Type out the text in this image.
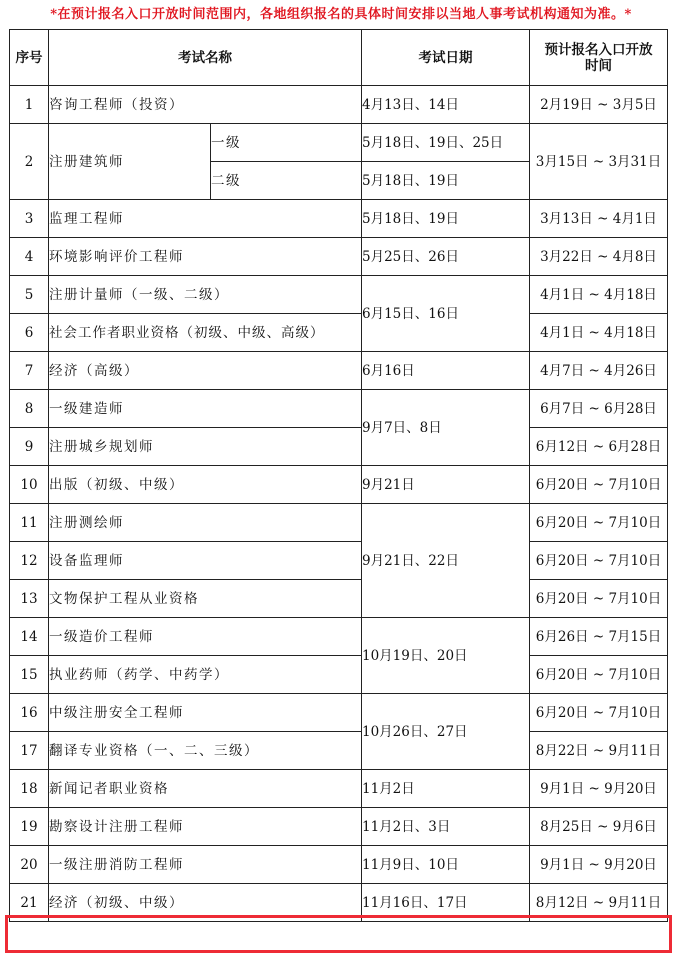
*在预计报名入口开放时间范围内，各地组织报名的具体时间安排以当地人事考试机构通知为准。*
序号	考试名称		考试日期	预计报名入口开放时间
1	咨询工程师（投资）		4月13日、14日	2月19日 ~ 3月5日
2	注册建筑师	一级	5月18日、19日、25日	3月15日 ~ 3月31日
		二级	5月18日、19日	
3	监理工程师		5月18日、19日	3月13日 ~ 4月1日
4	环境影响评价工程师		5月25日、26日	3月22日 ~ 4月8日
5	注册计量师（一级、二级）		6月15日、16日	4月1日 ~ 4月18日
6	社会工作者职业资格（初级、中级、高级）			4月1日 ~ 4月18日
7	经济（高级）		6月16日	4月7日 ~ 4月26日
8	一级建造师		9月7日、8日	6月7日 ~ 6月28日
9	注册城乡规划师			6月12日 ~ 6月28日
10	出版（初级、中级）		9月21日	6月20日 ~ 7月10日
11	注册测绘师		9月21日、22日	6月20日 ~ 7月10日
12	设备监理师			6月20日 ~ 7月10日
13	文物保护工程从业资格			6月20日 ~ 7月10日
14	一级造价工程师		10月19日、20日	6月26日 ~ 7月15日
15	执业药师（药学、中药学）			6月20日 ~ 7月10日
16	中级注册安全工程师		10月26日、27日	6月20日 ~ 7月10日
17	翻译专业资格（一、二、三级）			8月22日 ~ 9月11日
18	新闻记者职业资格		11月2日	9月1日 ~ 9月20日
19	勘察设计注册工程师		11月2日、3日	8月25日 ~ 9月6日
20	一级注册消防工程师		11月9日、10日	9月1日 ~ 9月20日
21	经济（初级、中级）		11月16日、17日	8月12日 ~ 9月11日
